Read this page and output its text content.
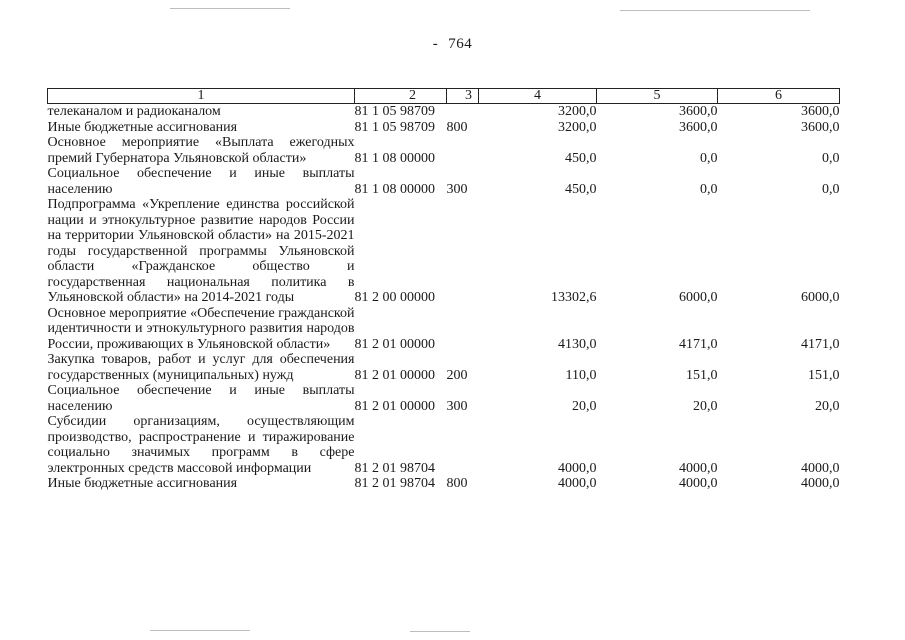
- 764
1	2	3	4	5	6
телеканалом и радиоканалом	81 1 05 98709		3200,0	3600,0	3600,0
Иные бюджетные ассигнования	81 1 05 98709	800	3200,0	3600,0	3600,0
Основное мероприятие «Выплата ежегодных премий Губернатора Ульяновской области»	81 1 08 00000		450,0	0,0	0,0
Социальное обеспечение и иные выплаты населению	81 1 08 00000	300	450,0	0,0	0,0
Подпрограмма «Укрепление единства российской нации и этнокультурное развитие народов России на территории Ульяновской области» на 2015-2021 годы государственной программы Ульяновской области «Гражданское общество и государственная национальная политика в Ульяновской области» на 2014-2021 годы	81 2 00 00000		13302,6	6000,0	6000,0
Основное мероприятие «Обеспечение гражданской идентичности и этнокультурного развития народов России, проживающих в Ульяновской области»	81 2 01 00000		4130,0	4171,0	4171,0
Закупка товаров, работ и услуг для обеспечения государственных (муниципальных) нужд	81 2 01 00000	200	110,0	151,0	151,0
Социальное обеспечение и иные выплаты населению	81 2 01 00000	300	20,0	20,0	20,0
Субсидии организациям, осуществляющим производство, распространение и тиражирование социально значимых программ в сфере электронных средств массовой информации	81 2 01 98704		4000,0	4000,0	4000,0
Иные бюджетные ассигнования	81 2 01 98704	800	4000,0	4000,0	4000,0
